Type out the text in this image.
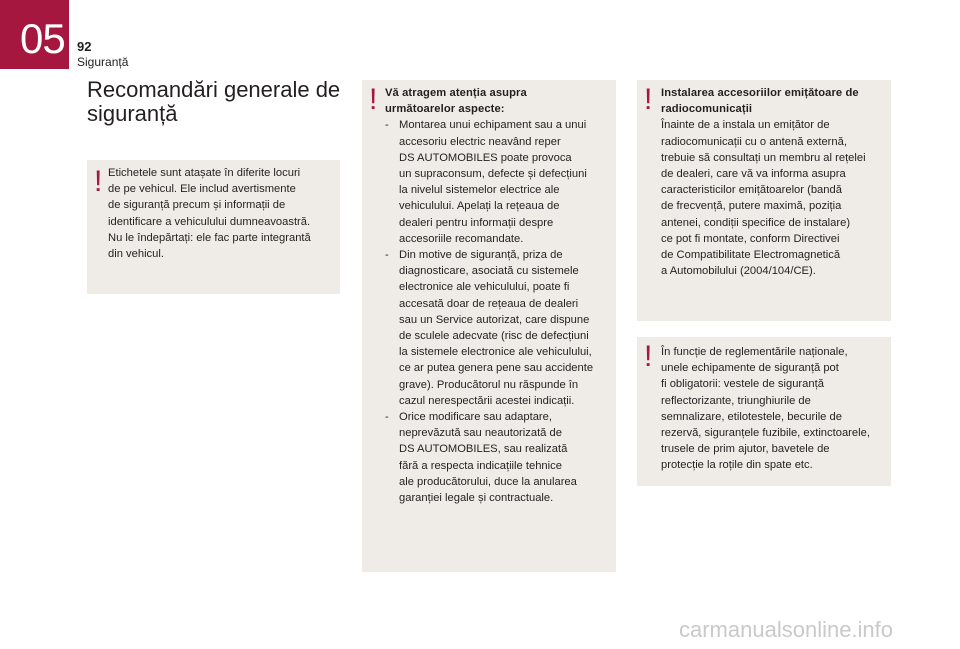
05 92
Siguranță
Recomandări generale de
siguranță
! Etichetele sunt atașate în diferite locuri
de pe vehicul. Ele includ avertismente
de siguranță precum și informații de
identificare a vehiculului dumneavoastră.
Nu le îndepărtați: ele fac parte integrantă
din vehicul.
! Vă atragem atenția asupra
următoarelor aspecte:
- Montarea unui echipament sau a unui
accesoriu electric neavând reper
DS AUTOMOBILES poate provoca
un supraconsum, defecte și defecțiuni
la nivelul sistemelor electrice ale
vehiculului. Apelați la rețeaua de
dealeri pentru informații despre
accesoriile recomandate.
- Din motive de siguranță, priza de
diagnosticare, asociată cu sistemele
electronice ale vehiculului, poate fi
accesată doar de rețeaua de dealeri
sau un Service autorizat, care dispune
de sculele adecvate (risc de defecțiuni
la sistemele electronice ale vehiculului,
ce ar putea genera pene sau accidente
grave). Producătorul nu răspunde în
cazul nerespectării acestei indicații.
- Orice modificare sau adaptare,
neprevăzută sau neautorizată de
DS AUTOMOBILES, sau realizată
fără a respecta indicațiile tehnice
ale producătorului, duce la anularea
garanției legale și contractuale.
! Instalarea accesoriilor emițătoare de
radiocomunicații
Înainte de a instala un emițător de
radiocomunicații cu o antenă externă,
trebuie să consultați un membru al rețelei
de dealeri, care vă va informa asupra
caracteristicilor emițătoarelor (bandă
de frecvență, putere maximă, poziția
antenei, condiții specifice de instalare)
ce pot fi montate, conform Directivei
de Compatibilitate Electromagnetică
a Automobilului (2004/104/CE).
! În funcție de reglementările naționale,
unele echipamente de siguranță pot
fi obligatorii: vestele de siguranță
reflectorizante, triunghiurile de
semnalizare, etilotestele, becurile de
rezervă, siguranțele fuzibile, extinctoarele,
trusele de prim ajutor, bavetele de
protecție la roțile din spate etc.
carmanualsonline.info
